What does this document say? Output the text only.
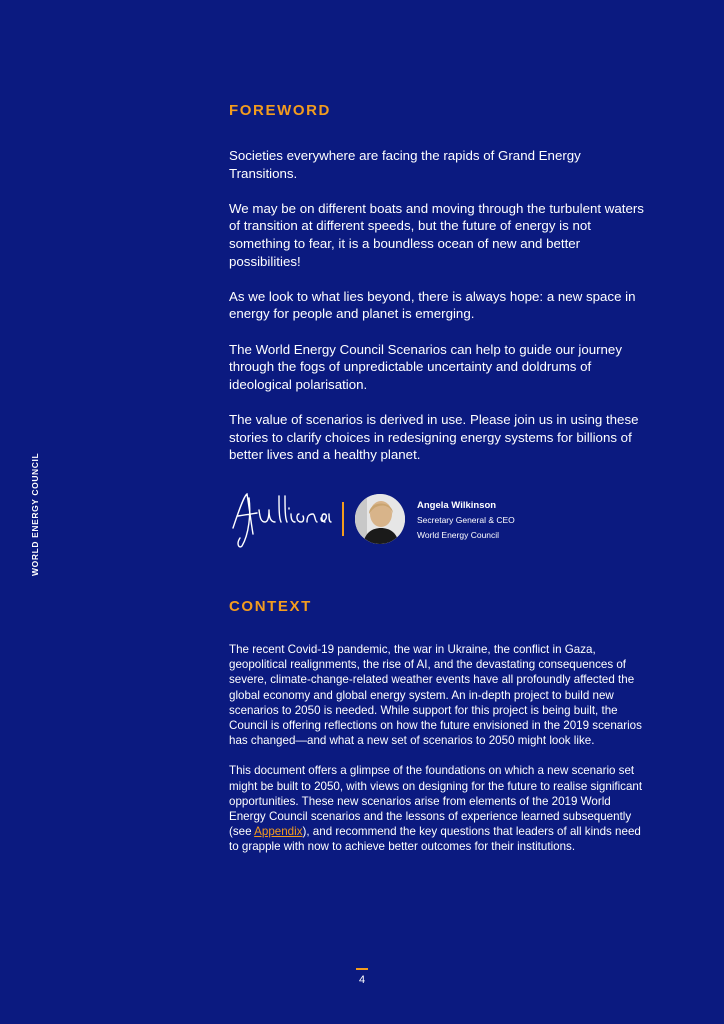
WORLD ENERGY COUNCIL
FOREWORD

Societies everywhere are facing the rapids of Grand Energy Transitions.

We may be on different boats and moving through the turbulent waters of transition at different speeds, but the future of energy is not something to fear, it is a boundless ocean of new and better possibilities!

As we look to what lies beyond, there is always hope: a new space in energy for people and planet is emerging.

The World Energy Council Scenarios can help to guide our journey through the fogs of unpredictable uncertainty and doldrums of ideological polarisation.

The value of scenarios is derived in use. Please join us in using these stories to clarify choices in redesigning energy systems for billions of better lives and a healthy planet.

Angela Wilkinson
Secretary General & CEO
World Energy Council
CONTEXT

The recent Covid-19 pandemic, the war in Ukraine, the conflict in Gaza, geopolitical realignments, the rise of AI, and the devastating consequences of severe, climate-change-related weather events have all profoundly affected the global economy and global energy system. An in-depth project to build new scenarios to 2050 is needed. While support for this project is being built, the Council is offering reflections on how the future envisioned in the 2019 scenarios has changed—and what a new set of scenarios to 2050 might look like.

This document offers a glimpse of the foundations on which a new scenario set might be built to 2050, with views on designing for the future to realise significant opportunities. These new scenarios arise from elements of the 2019 World Energy Council scenarios and the lessons of experience learned subsequently (see Appendix), and recommend the key questions that leaders of all kinds need to grapple with now to achieve better outcomes for their institutions.

4
